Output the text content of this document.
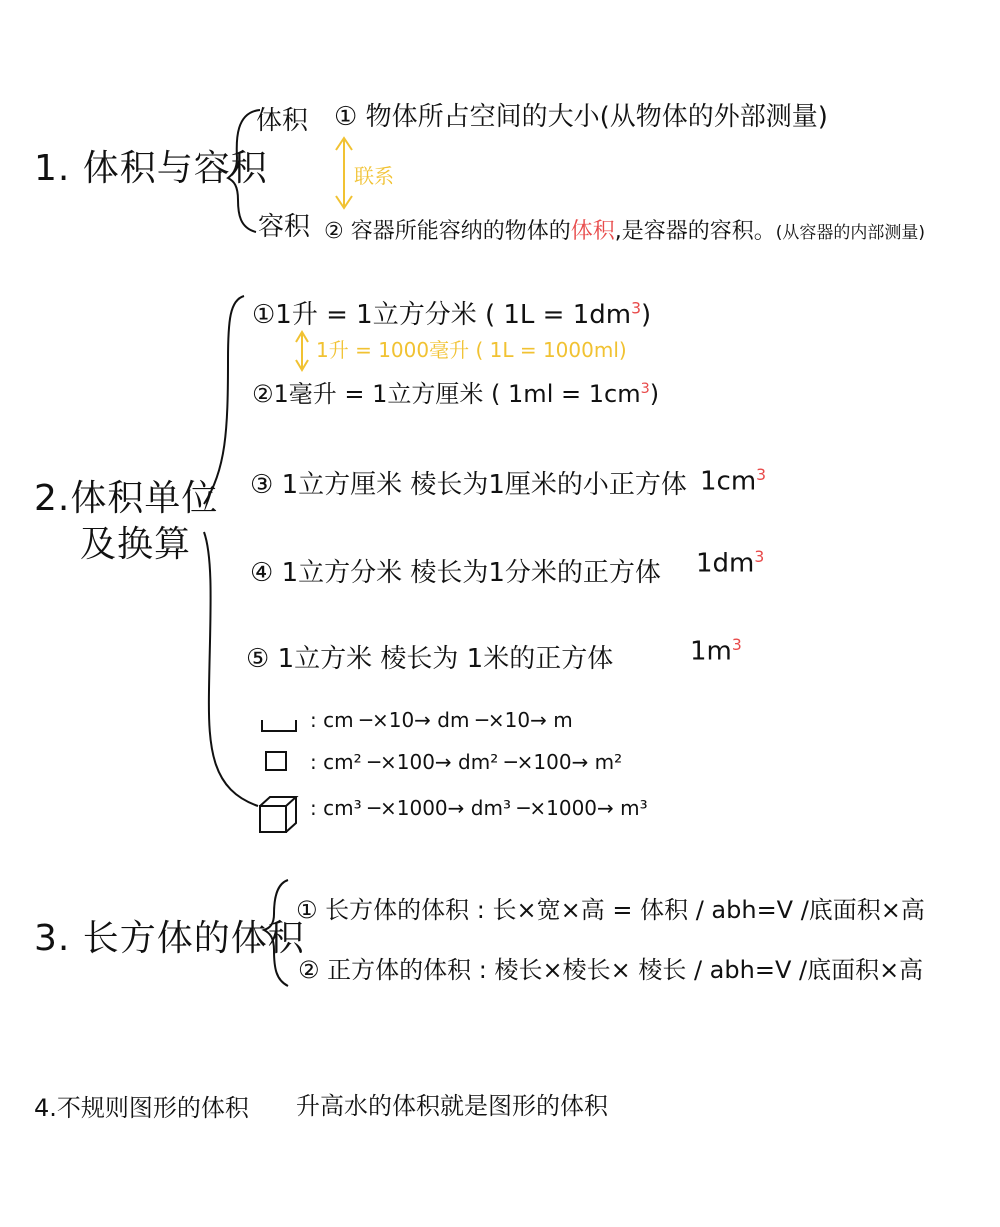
1. 体积与容积
体积 ① 物体所占空间的大小(从物体的外部测量)
联系
容积 ② 容器所能容纳的物体的体积,是容器的容积。(从容器的内部测量)
2.体积单位
及换算
①1升 = 1立方分米 ( $1L = 1dm^3$)
1升 = 1000毫升 ( 1L = 1000ml)
②1毫升 = 1立方厘米 ( $1ml = 1cm^3$)
③ 1立方厘米 棱长为1厘米的小正方体 $1cm^3$
④ 1立方分米 棱长为1分米的正方体 $1dm^3$
⑤ 1立方米 棱长为 1米的正方体	$1m^3$
: cm ─×10→ dm ─×10→ m
: cm² ─×100→ dm² ─×100→ m²
: cm³ ─×1000→ dm³ ─×1000→ m³
3. 长方体的体积
① 长方体的体积 : 长×宽×高 = 体积 / abh=V /底面积×高
② 正方体的体积 : 棱长×棱长× 棱长 / abh=V /底面积×高
4.不规则图形的体积 升高水的体积就是图形的体积
